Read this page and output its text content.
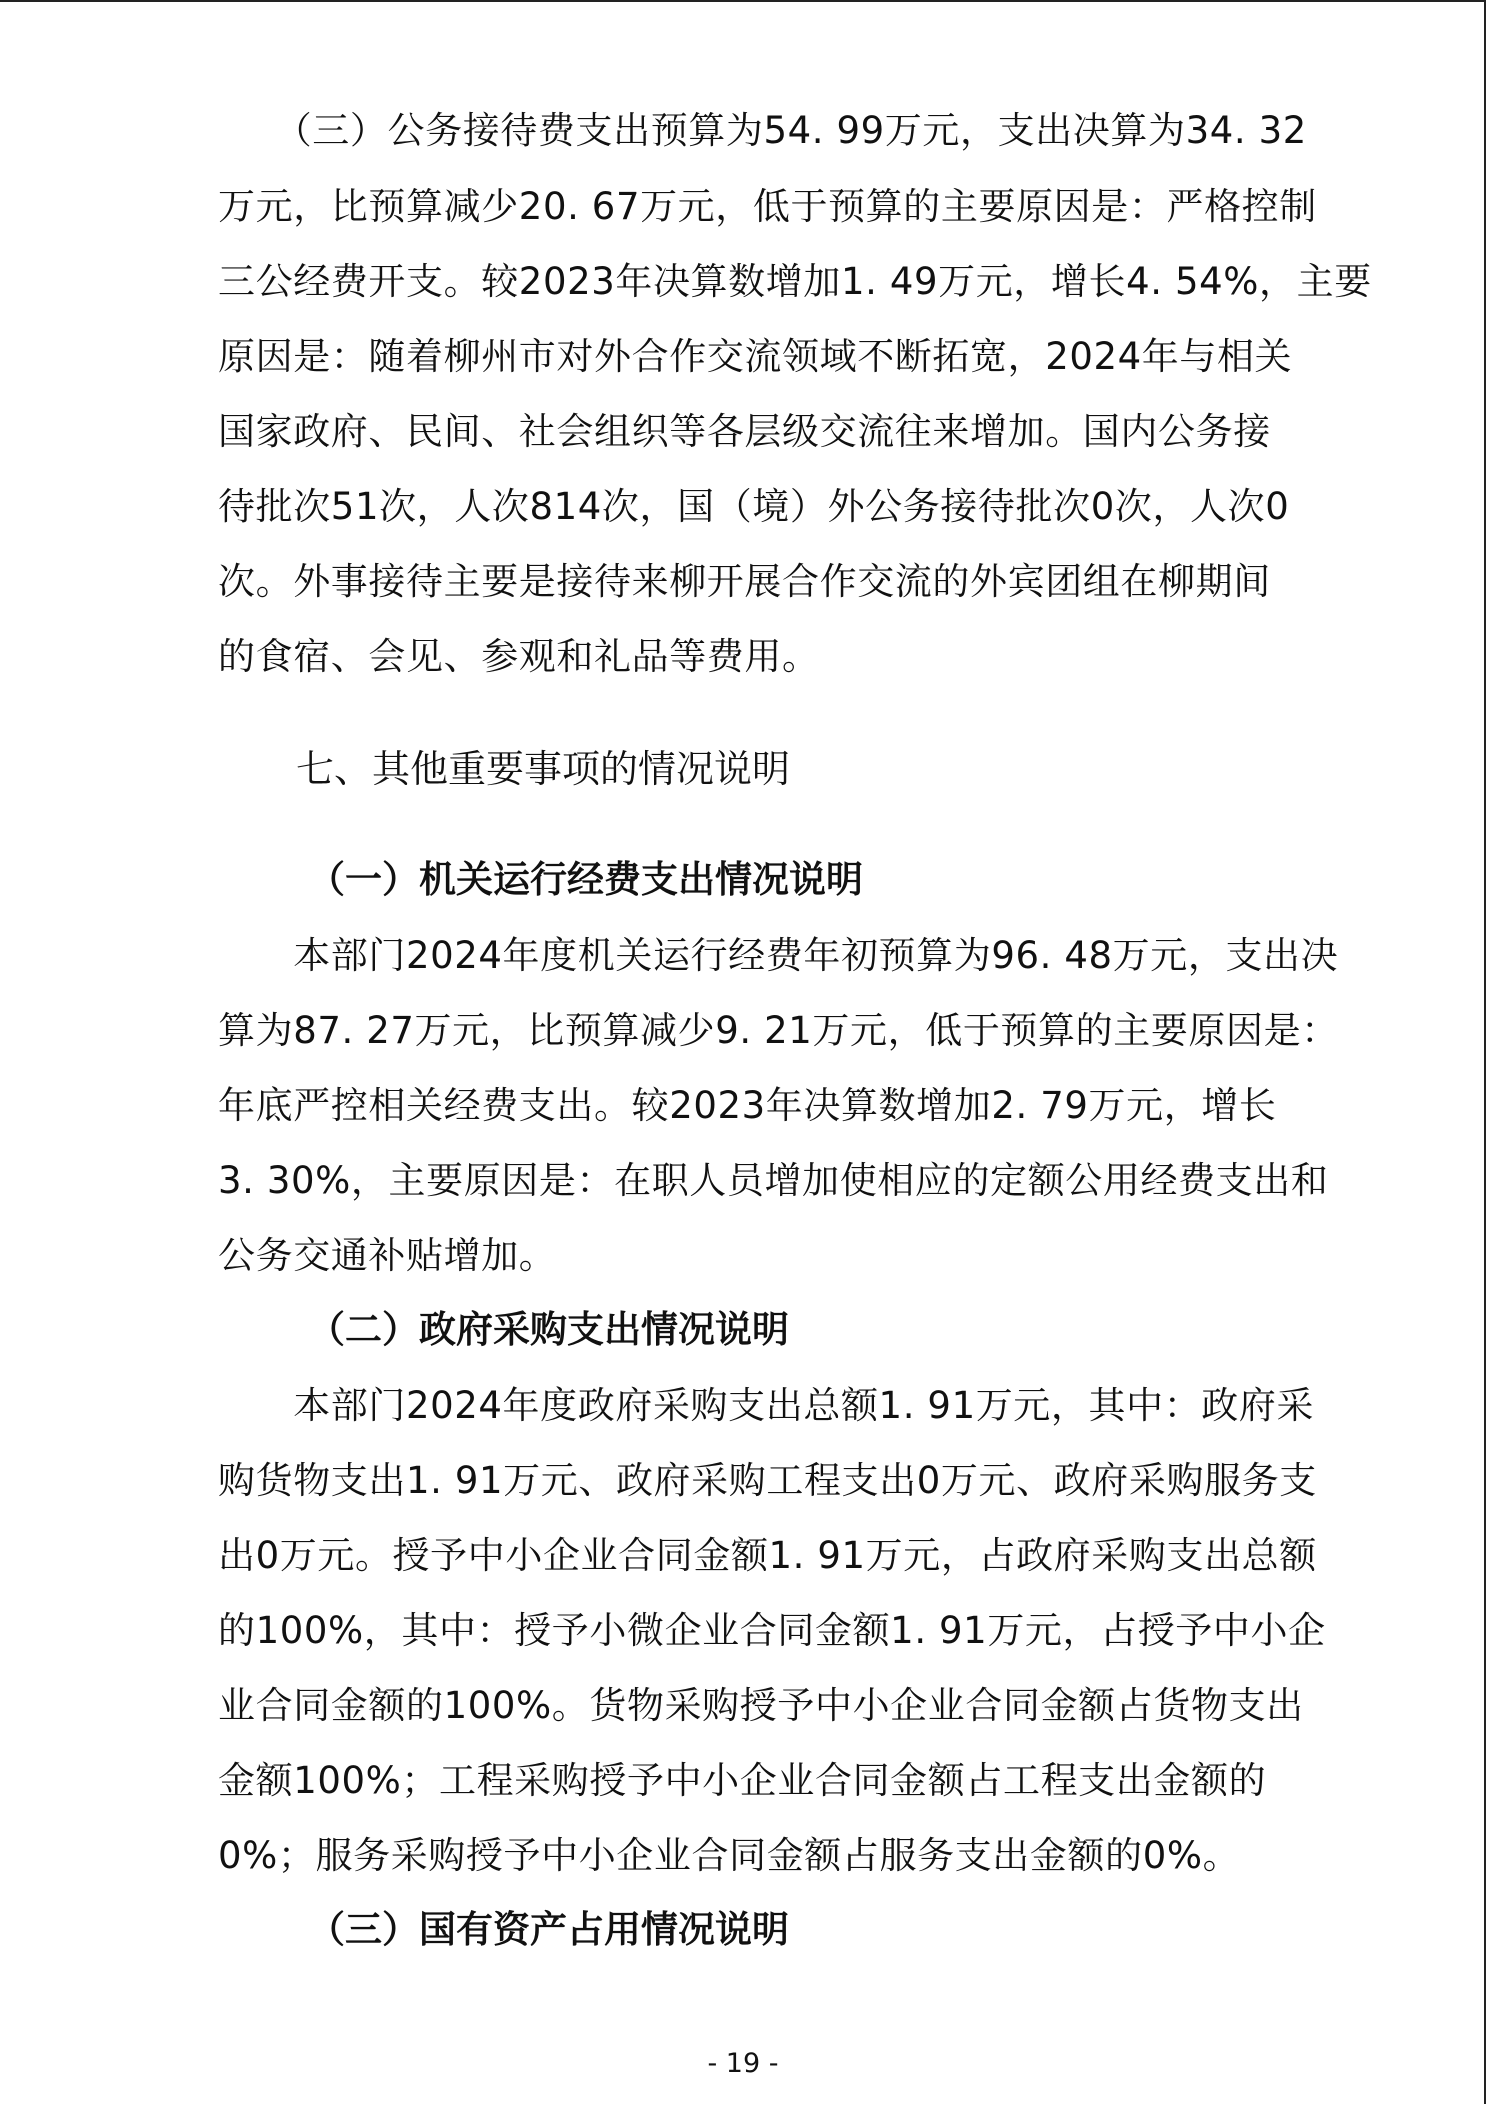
　　（三）公务接待费支出预算为54. 99万元，支出决算为34. 32
万元，比预算减少20. 67万元，低于预算的主要原因是：严格控制
三公经费开支。较2023年决算数增加1. 49万元，增长4. 54%，主要
原因是：随着柳州市对外合作交流领域不断拓宽，2024年与相关
国家政府、民间、社会组织等各层级交流往来增加。国内公务接
待批次51次，人次814次，国（境）外公务接待批次0次，人次0
次。外事接待主要是接待来柳开展合作交流的外宾团组在柳期间
的食宿、会见、参观和礼品等费用。
七、其他重要事项的情况说明
（一）机关运行经费支出情况说明
　　本部门2024年度机关运行经费年初预算为96. 48万元，支出决
算为87. 27万元，比预算减少9. 21万元，低于预算的主要原因是：
年底严控相关经费支出。较2023年决算数增加2. 79万元，增长
3. 30%，主要原因是：在职人员增加使相应的定额公用经费支出和
公务交通补贴增加。
（二）政府采购支出情况说明
　　本部门2024年度政府采购支出总额1. 91万元，其中：政府采
购货物支出1. 91万元、政府采购工程支出0万元、政府采购服务支
出0万元。授予中小企业合同金额1. 91万元，占政府采购支出总额
的100%，其中：授予小微企业合同金额1. 91万元，占授予中小企
业合同金额的100%。货物采购授予中小企业合同金额占货物支出
金额100%；工程采购授予中小企业合同金额占工程支出金额的
0%；服务采购授予中小企业合同金额占服务支出金额的0%。
（三）国有资产占用情况说明
- 19 -
